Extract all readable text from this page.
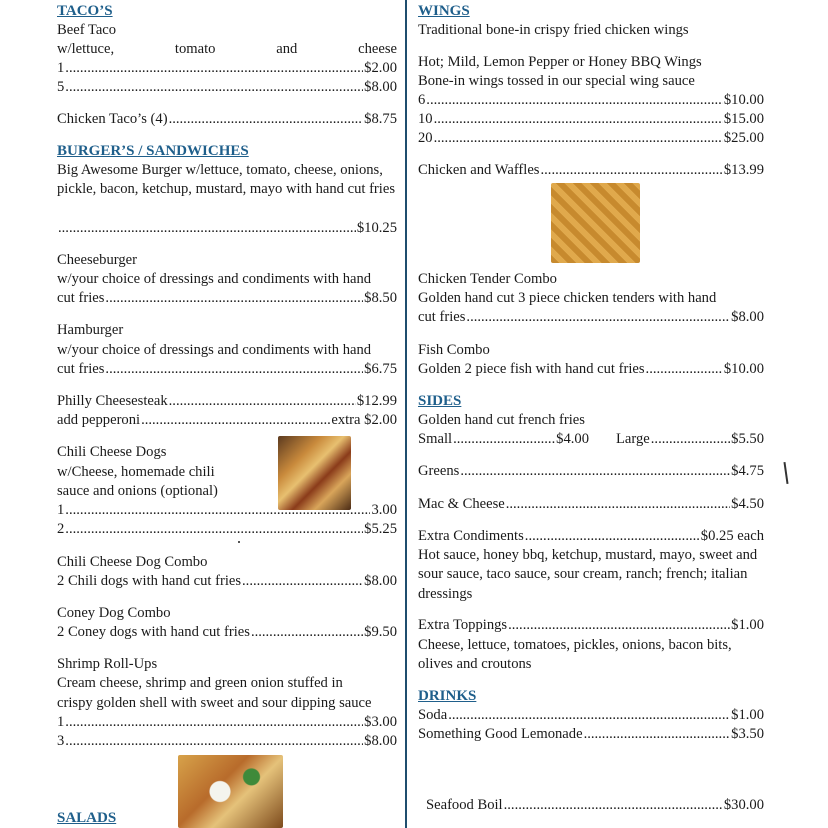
TACO’S
Beef Taco
w/lettuce,	tomato	and	cheese
1 .....	$2.00
5 .....	$8.00
Chicken Taco’s (4) .....	$8.75
BURGER’S / SANDWICHES
Big Awesome Burger w/lettuce, tomato, cheese, onions, pickle, bacon, ketchup, mustard, mayo with hand cut fries
.....
$10.25
Cheeseburger
w/your choice of dressings and condiments with hand
cut fries .....	$8.50
Hamburger
w/your choice of dressings and condiments with hand
cut fries .....	$6.75
Philly Cheesesteak .....	$12.99
add pepperoni .....	extra $2.00
Chili Cheese Dogs
w/Cheese, homemade chili
sauce and onions (optional)
1 .....	3.00
2 .....	$5.25
Chili Cheese Dog Combo
2 Chili dogs with hand cut fries .....	$8.00
Coney Dog Combo
2 Coney dogs with hand cut fries .....	$9.50
Shrimp Roll-Ups
Cream cheese, shrimp and green onion stuffed in
crispy golden shell with sweet and sour dipping sauce
1 .....	$3.00
3 .....	$8.00
SALADS
WINGS
Traditional bone-in crispy fried chicken wings
Hot; Mild, Lemon Pepper or Honey BBQ Wings
Bone-in wings tossed in our special wing sauce
6 .....	$10.00
10 .....	$15.00
20 .....	$25.00
Chicken and Waffles .....	$13.99
Chicken Tender Combo
Golden hand cut 3 piece chicken tenders with hand
cut fries .....	$8.00
Fish Combo
Golden 2 piece fish with hand cut fries .....	$10.00
SIDES
Golden hand cut french fries
Small .....	$4.00 Large .....	$5.50
Greens .....	$4.75
Mac & Cheese .....	$4.50
Extra Condiments .....	$0.25 each
Hot sauce, honey bbq, ketchup, mustard, mayo, sweet and sour sauce, taco sauce, sour cream, ranch; french; italian dressings
Extra Toppings .....	$1.00
Cheese, lettuce, tomatoes, pickles, onions, bacon bits, olives and croutons
DRINKS
Soda .....	$1.00
Something Good Lemonade .....	$3.50
Seafood Boil .....	$30.00
